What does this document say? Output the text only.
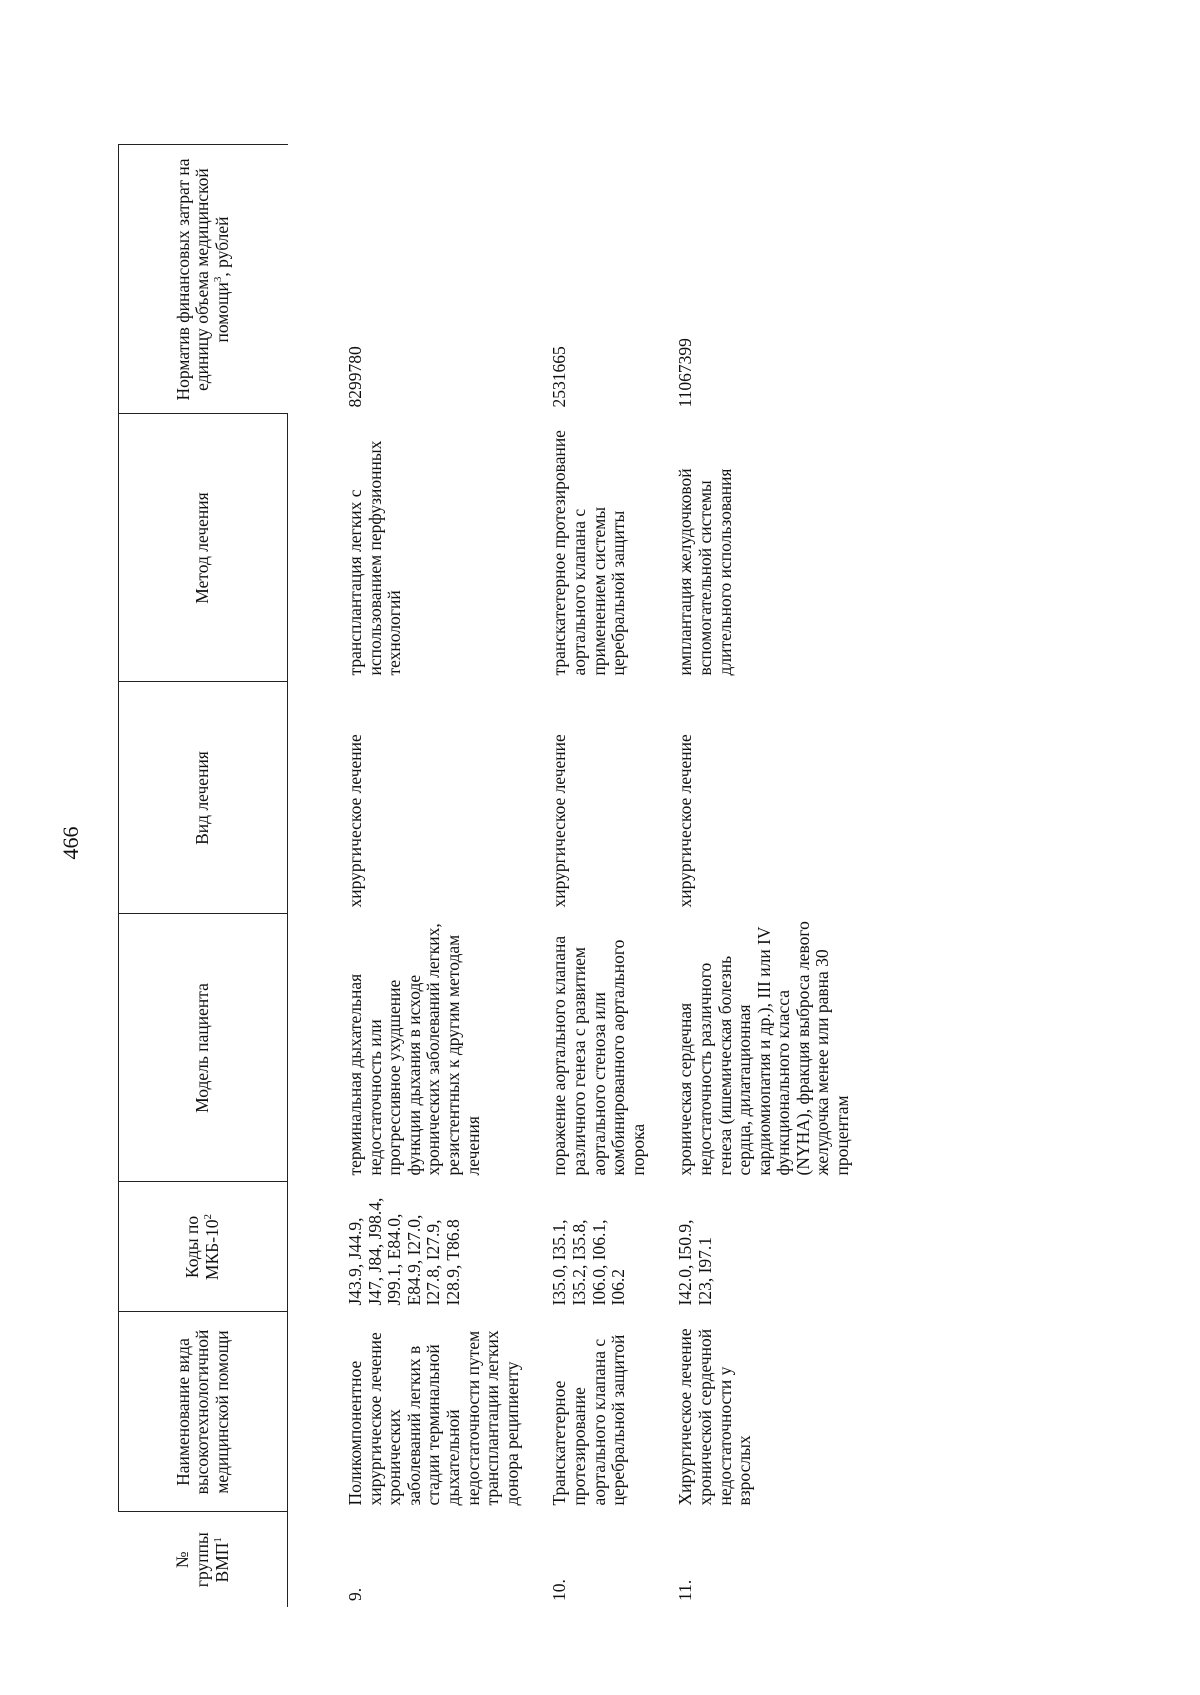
466
№
группы
ВМП$^1$	Наименование вида высокотехнологичной медицинской помощи	Коды по МКБ-$10^2$	Модель пациента	Вид лечения	Метод лечения	Норматив финансовых затрат на единицу объема медицинской помощи$^3$, рублей
9.	Поликомпонентное хирургическое лечение хронических заболеваний легких в стадии терминальной дыхательной недостаточности путем трансплантации легких донора реципиенту	J43.9, J44.9, J47, J84, J98.4, J99.1, E84.0, E84.9, I27.0, I27.8, I27.9, I28.9, T86.8	терминальная дыхательная недостаточность или прогрессивное ухудшение функции дыхания в исходе хронических заболеваний легких, резистентных к другим методам лечения	хирургическое лечение	трансплантация легких с использованием перфузионных технологий	8299780
10.	Транскатетерное протезирование аортального клапана с церебральной защитой	I35.0, I35.1, I35.2, I35.8, I06.0, I06.1, I06.2	поражение аортального клапана различного генеза с развитием аортального стеноза или комбинированного аортального порока	хирургическое лечение	транскатетерное протезирование аортального клапана с применением системы церебральной защиты	2531665
11.	Хирургическое лечение хронической сердечной недостаточности у взрослых	I42.0, I50.9, I23, I97.1	хроническая сердечная недостаточность различного генеза (ишемическая болезнь сердца, дилатационная кардиомиопатия и др.), III или IV функционального класса (NYHA), фракция выброса левого желудочка менее или равна 30 процентам	хирургическое лечение	имплантация желудочковой вспомогательной системы длительного использования	11067399
